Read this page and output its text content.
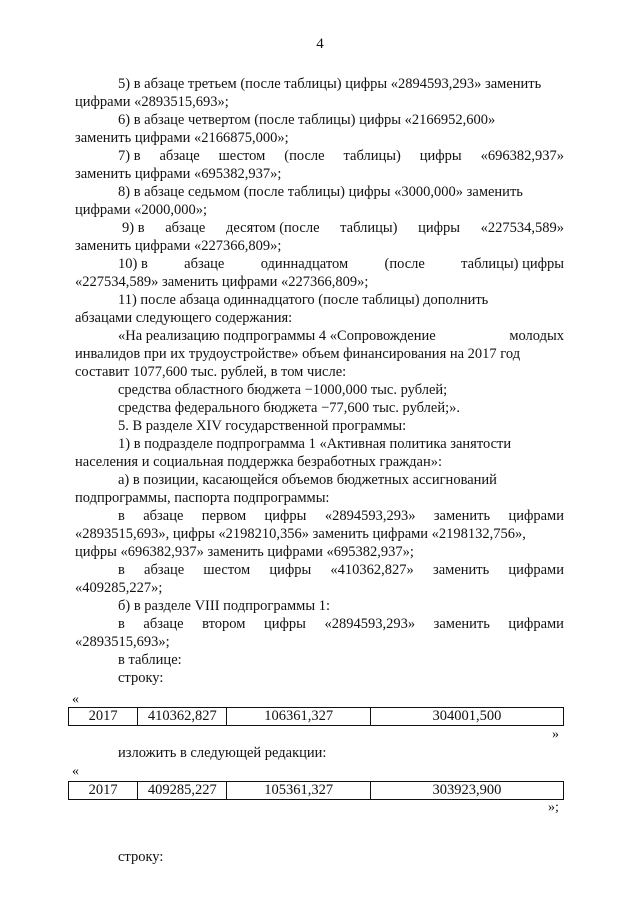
4
5) в абзаце третьем (после таблицы) цифры «2894593,293» заменить
цифрами «2893515,693»;
6) в абзаце четвертом (после таблицы) цифры «2166952,600»
заменить цифрами «2166875,000»;
7) в абзаце шестом (после таблицы) цифры «696382,937»
заменить цифрами «695382,937»;
8) в абзаце седьмом (после таблицы) цифры «3000,000» заменить
цифрами «2000,000»;
9) в абзаце десятом (после таблицы) цифры «227534,589»
заменить цифрами «227366,809»;
10) в	абзаце	одиннадцатом	(после	таблицы) цифры
«227534,589» заменить цифрами «227366,809»;
11) после абзаца одиннадцатого (после таблицы) дополнить
абзацами следующего содержания:
«На реализацию подпрограммы 4 «Сопровождение	молодых
инвалидов при их трудоустройстве» объем финансирования на 2017 год
составит 1077,600 тыс. рублей, в том числе:
средства областного бюджета −1000,000 тыс. рублей;
средства федерального бюджета −77,600 тыс. рублей;».
5. В разделе XIV государственной программы:
1) в подразделе подпрограмма 1 «Активная политика занятости
населения и социальная поддержка безработных граждан»:
а) в позиции, касающейся объемов бюджетных ассигнований
подпрограммы, паспорта подпрограммы:
в абзаце первом цифры «2894593,293» заменить цифрами
«2893515,693», цифры «2198210,356» заменить цифрами «2198132,756»,
цифры «696382,937» заменить цифрами «695382,937»;
в абзаце шестом цифры «410362,827» заменить цифрами
«409285,227»;
б) в разделе VIII подпрограммы 1:
в абзаце втором цифры «2894593,293» заменить цифрами
«2893515,693»;
в таблице:
строку:
«
2017	410362,827	106361,327	304001,500
»
изложить в следующей редакции:
«
2017	409285,227	105361,327	303923,900
»;
строку:
